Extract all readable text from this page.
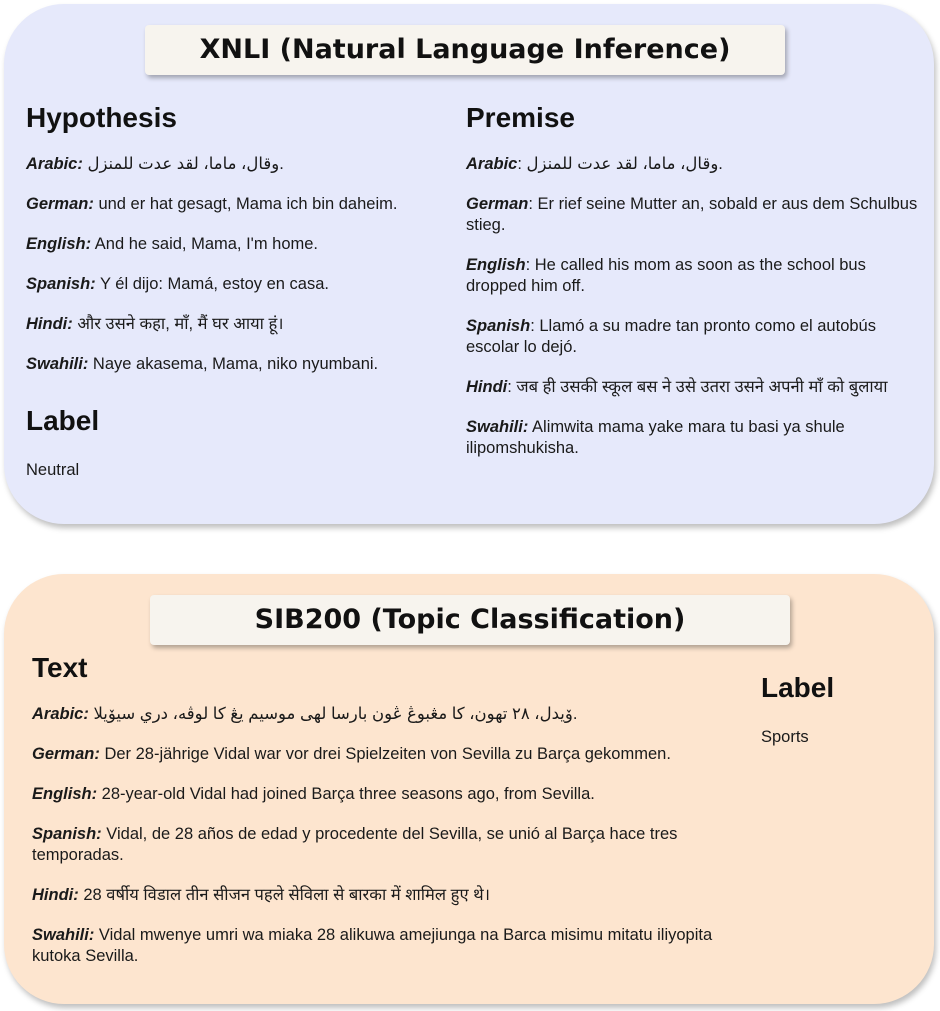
XNLI (Natural Language Inference)
Hypothesis

Arabic: وقال، ماما، لقد عدت للمنزل.

German: und er hat gesagt, Mama ich bin daheim.

English: And he said, Mama, I'm home.

Spanish: Y él dijo: Mamá, estoy en casa.

Hindi: और उसने कहा, माँ, मैं घर आया हूं।

Swahili: Naye akasema, Mama, niko nyumbani.

Label
Neutral
Premise

Arabic: وقال، ماما، لقد عدت للمنزل.

German: Er rief seine Mutter an, sobald er aus dem Schulbus stieg.

English: He called his mom as soon as the school bus dropped him off.

Spanish: Llamó a su madre tan pronto como el autobús escolar lo dejó.

Hindi: जब ही उसकी स्कूल बस ने उसे उतरा उसने अपनी माँ को बुलाया

Swahili: Alimwita mama yake mara tu basi ya shule ilipomshukisha.

SIB200 (Topic Classification)
Text

Arabic: ۆيدل، ٢٨ تهون، كا مڠبوڠ ڠون بارسا لهى موسيم يڠ كا لوڤه، دري سيۆيلا.

German: Der 28-jährige Vidal war vor drei Spielzeiten von Sevilla zu Barça gekommen.

English: 28-year-old Vidal had joined Barça three seasons ago, from Sevilla.

Spanish: Vidal, de 28 años de edad y procedente del Sevilla, se unió al Barça hace tres temporadas.

Hindi: 28 वर्षीय विडाल तीन सीजन पहले सेविला से बारका में शामिल हुए थे।

Swahili: Vidal mwenye umri wa miaka 28 alikuwa amejiunga na Barca misimu mitatu iliyopita kutoka Sevilla.

Label
Sports
